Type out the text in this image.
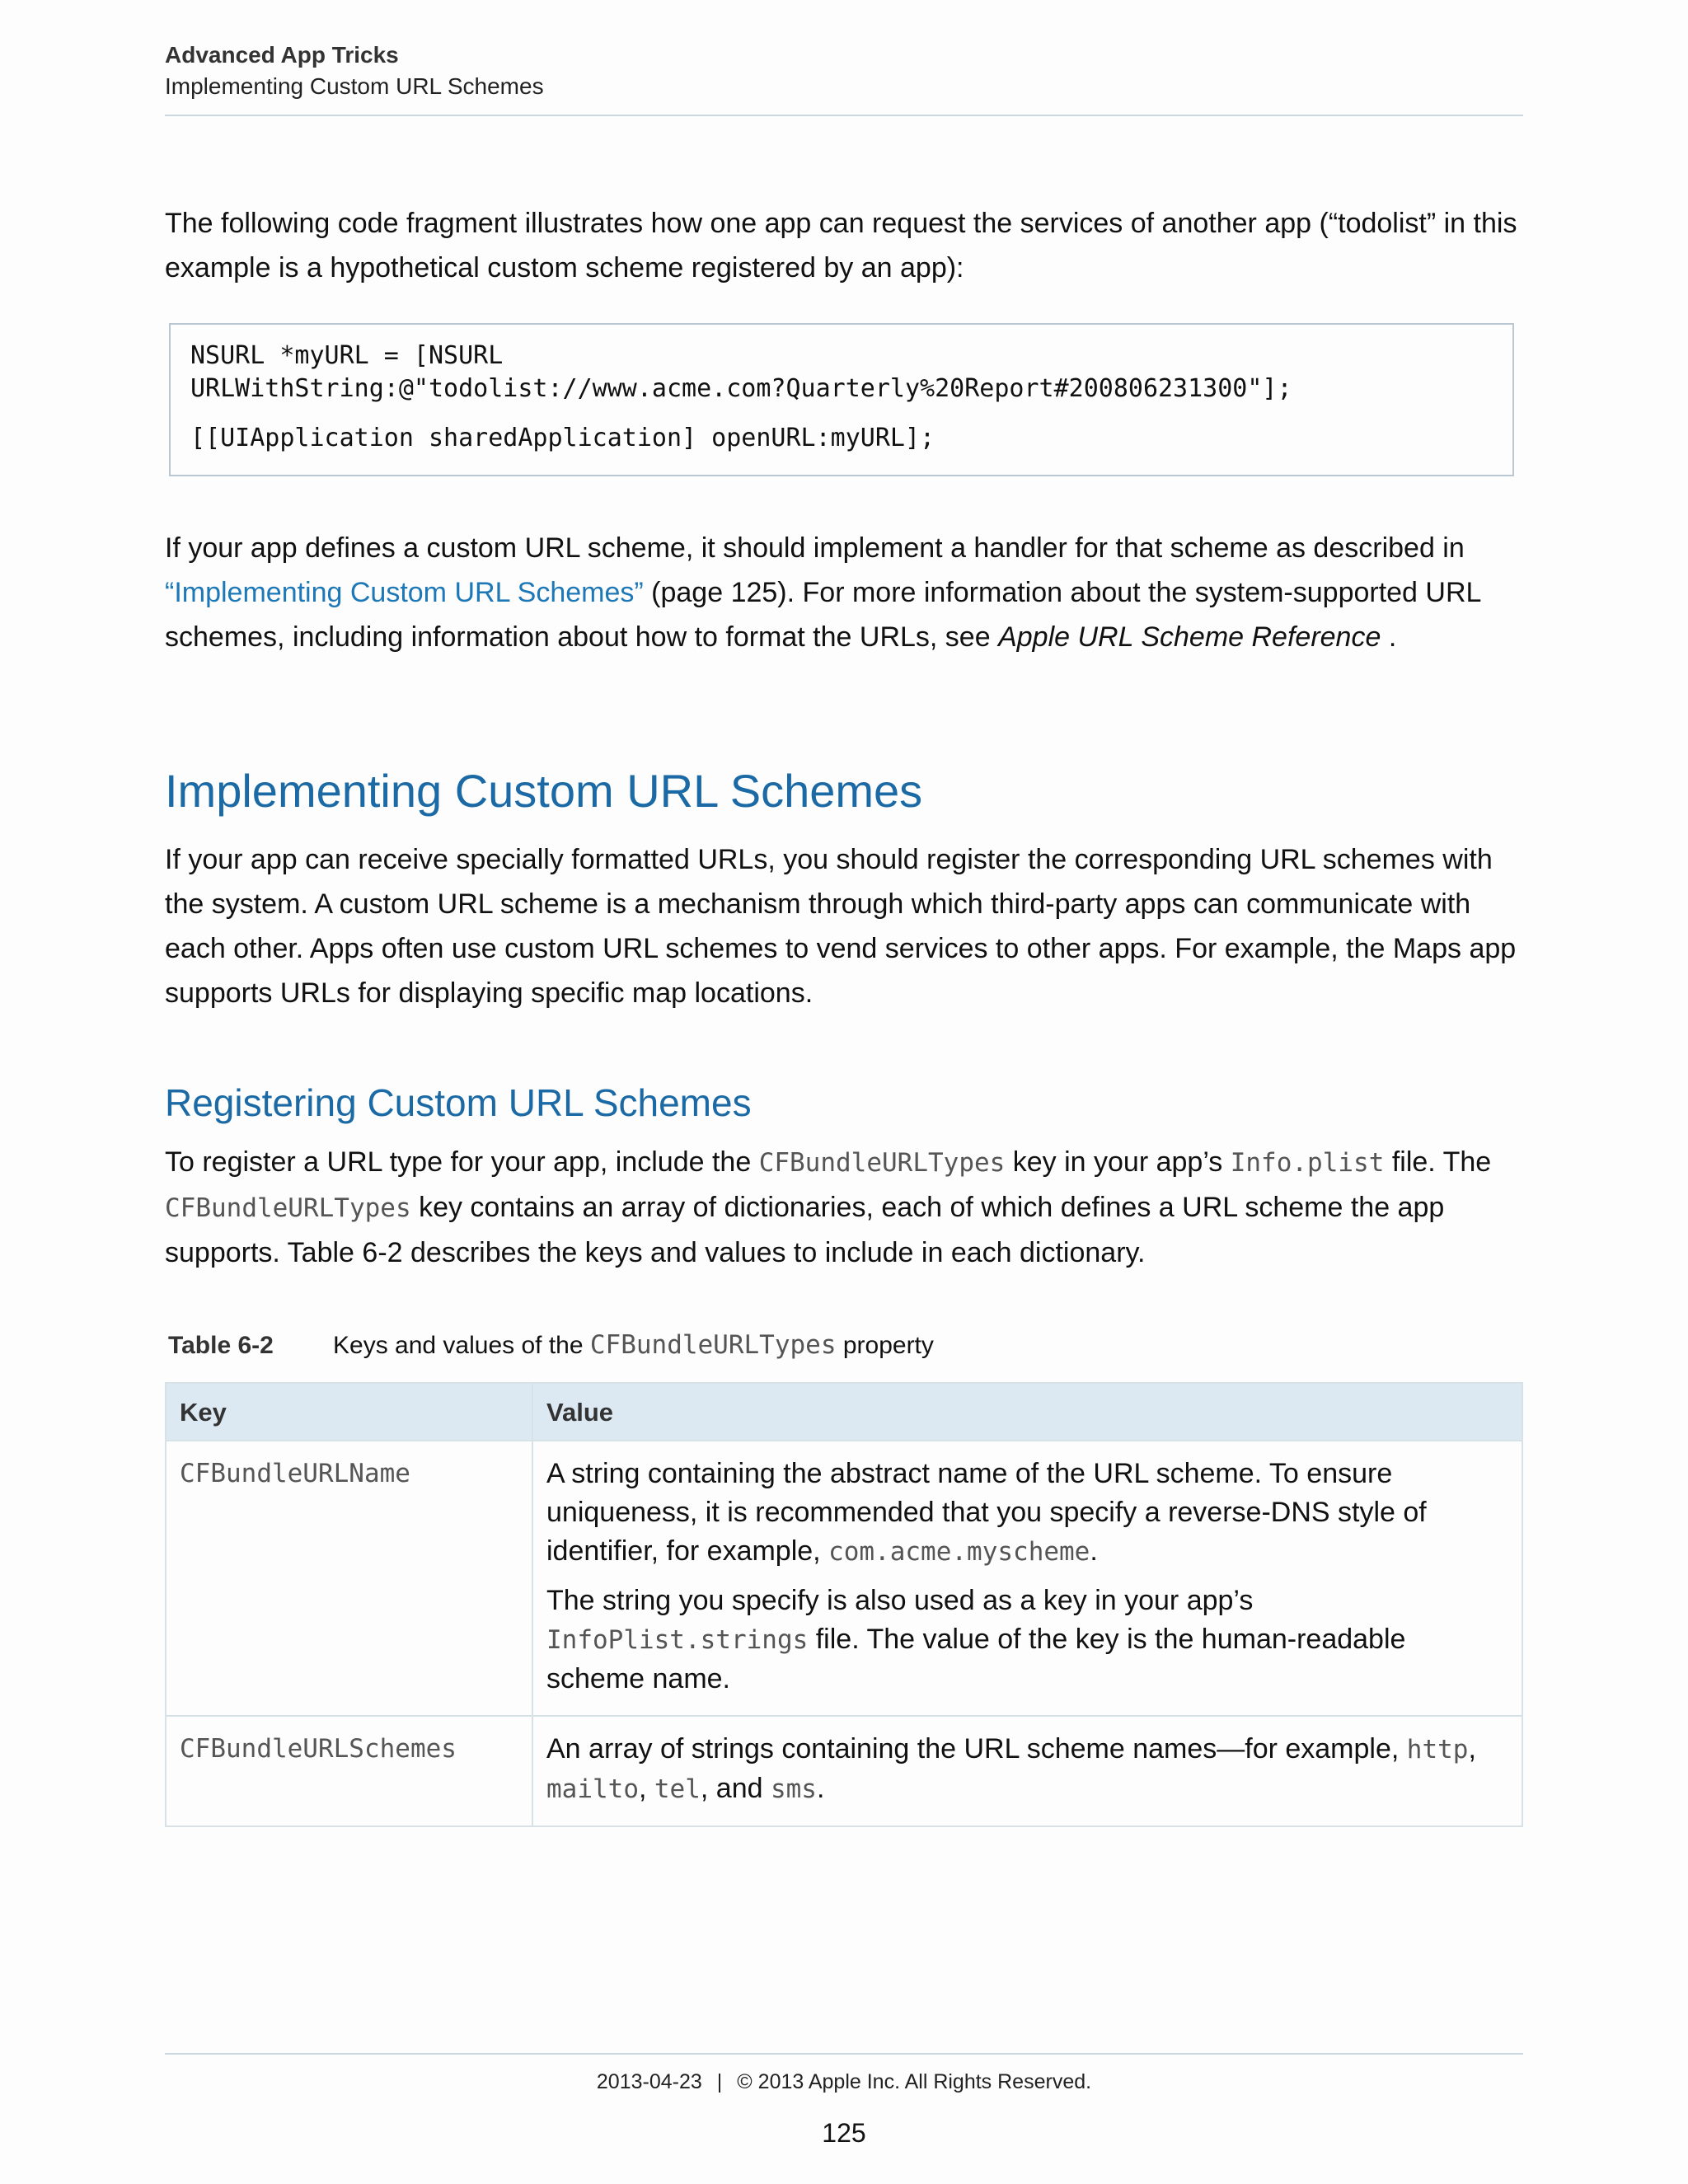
Advanced App Tricks
Implementing Custom URL Schemes

The following code fragment illustrates how one app can request the services of another app (“todolist” in this example is a hypothetical custom scheme registered by an app):

NSURL *myURL = [NSURL
URLWithString:@"todolist://www.acme.com?Quarterly%20Report#200806231300"];
[[UIApplication sharedApplication] openURL:myURL];

If your app defines a custom URL scheme, it should implement a handler for that scheme as described in “Implementing Custom URL Schemes” (page 125). For more information about the system-supported URL schemes, including information about how to format the URLs, see Apple URL Scheme Reference .

Implementing Custom URL Schemes

If your app can receive specially formatted URLs, you should register the corresponding URL schemes with the system. A custom URL scheme is a mechanism through which third-party apps can communicate with each other. Apps often use custom URL schemes to vend services to other apps. For example, the Maps app supports URLs for displaying specific map locations.

Registering Custom URL Schemes

To register a URL type for your app, include the CFBundleURLTypes key in your app’s Info.plist file. The CFBundleURLTypes key contains an array of dictionaries, each of which defines a URL scheme the app supports. Table 6-2 describes the keys and values to include in each dictionary.

Table 6-2 Keys and values of the CFBundleURLTypes property
Key	Value
CFBundleURLName	A string containing the abstract name of the URL scheme. To ensure uniqueness, it is recommended that you specify a reverse-DNS style of identifier, for example, com.acme.myscheme.

The string you specify is also used as a key in your app’s InfoPlist.strings file. The value of the key is the human-readable scheme name.

CFBundleURLSchemes	An array of strings containing the URL scheme names—for example, http, mailto, tel, and sms.
2013-04-23 | © 2013 Apple Inc. All Rights Reserved.
125
